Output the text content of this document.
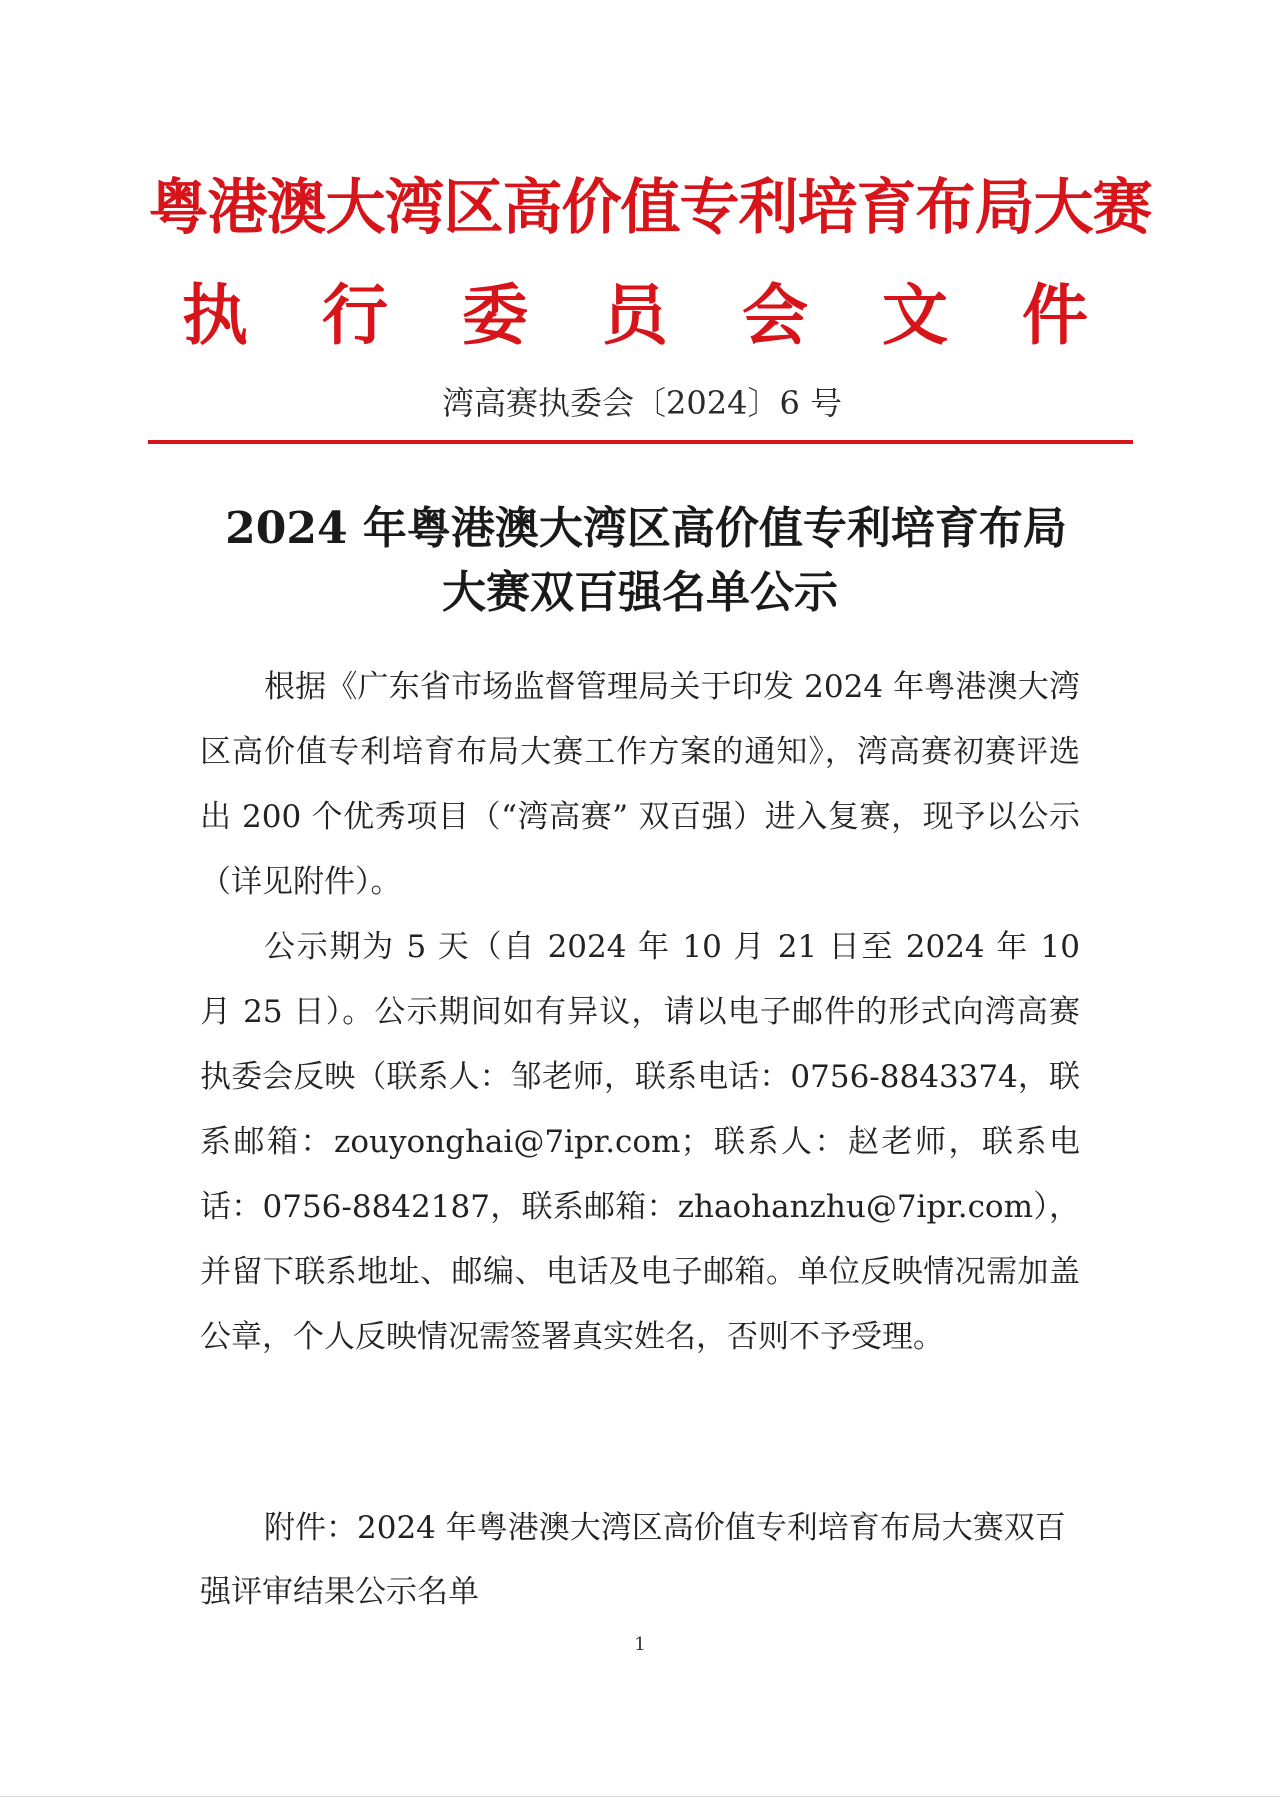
粤港澳大湾区高价值专利培育布局大赛
执行委员会文件
湾高赛执委会〔2024〕6 号
2024 年粤港澳大湾区高价值专利培育布局
大赛双百强名单公示

根据《广东省市场监督管理局关于印发 2024 年粤港澳大湾区高价值专利培育布局大赛工作方案的通知》，湾高赛初赛评选出 200 个优秀项目（“湾高赛” 双百强）进入复赛，现予以公示（详见附件）。

公示期为 5 天（自 2024 年 10 月 21 日至 2024 年 10 月 25 日）。公示期间如有异议，请以电子邮件的形式向湾高赛执委会反映（联系人：邹老师，联系电话：0756-8843374，联系邮箱：zouyonghai@7ipr.com；联系人：赵老师，联系电话：0756-8842187，联系邮箱：zhaohanzhu@7ipr.com），并留下联系地址、邮编、电话及电子邮箱。单位反映情况需加盖公章，个人反映情况需签署真实姓名，否则不予受理。

附件：2024 年粤港澳大湾区高价值专利培育布局大赛双百强评审结果公示名单

1
